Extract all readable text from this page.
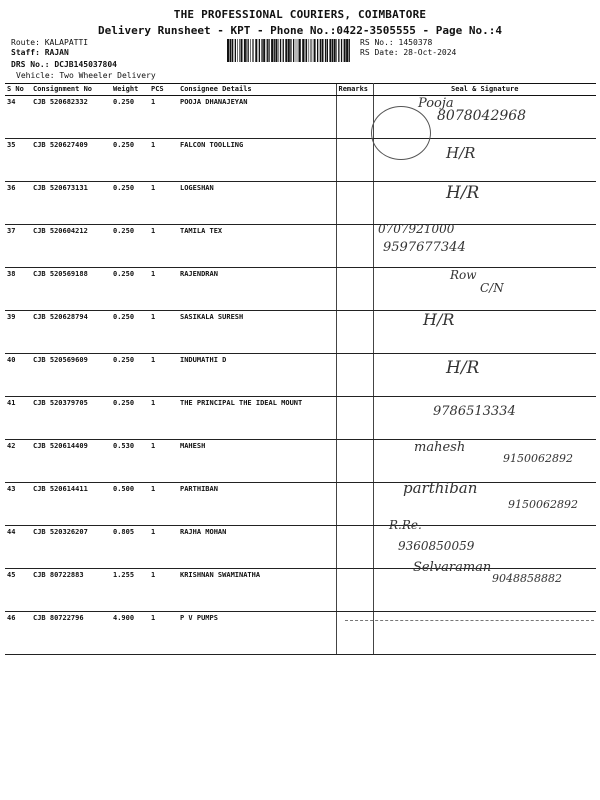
THE PROFESSIONAL COURIERS, COIMBATORE
Delivery Runsheet - KPT - Phone No.:0422-3505555 - Page No.:4
Route: KALAPATTI
Staff: RAJAN
DRS No.: DCJB145037804
Vehicle: Two Wheeler Delivery
RS No.: 1450378
RS Date: 28-Oct-2024
S No	Consignment No	Weight	PCS	Consignee Details	Remarks	Seal & Signature
34	CJB 520682332	0.250	1	POOJA DHANAJEYAN		
35	CJB 520627409	0.250	1	FALCON TOOLLING		
36	CJB 520673131	0.250	1	LOGESHAN		
37	CJB 520604212	0.250	1	TAMILA TEX		
38	CJB 520569188	0.250	1	RAJENDRAN		
39	CJB 520628794	0.250	1	SASIKALA SURESH		
40	CJB 520569609	0.250	1	INDUMATHI D		
41	CJB 520379705	0.250	1	THE PRINCIPAL THE IDEAL MOUNT		
42	CJB 520614409	0.530	1	MAHESH		
43	CJB 520614411	0.500	1	PARTHIBAN		
44	CJB 520326207	0.805	1	RAJHA MOHAN		
45	CJB 80722883	1.255	1	KRISHNAN SWAMINATHA		
46	CJB 80722796	4.900	1	P V PUMPS		
Pooja
8078042968
H/R
H/R
0707921000
9597677344
Row
C/N
H/R
H/R
9786513334
mahesh
9150062892
parthiban
9150062892
R.Re.
9360850059
Selvaraman
9048858882
